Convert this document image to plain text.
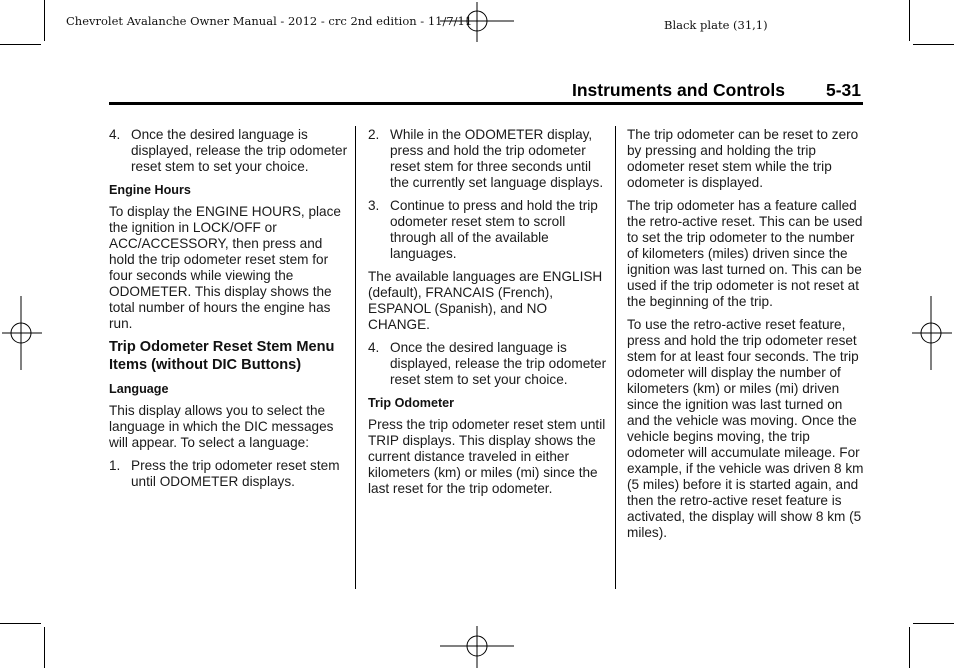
Chevrolet Avalanche Owner Manual - 2012 - crc 2nd edition - 11/7/11	Black plate (31,1)
Instruments and Controls 5-31
4. Once the desired language is displayed, release the trip odometer reset stem to set your choice.

Engine Hours

To display the ENGINE HOURS, place the ignition in LOCK/OFF or ACC/ACCESSORY, then press and hold the trip odometer reset stem for four seconds while viewing the ODOMETER. This display shows the total number of hours the engine has run.

Trip Odometer Reset Stem Menu Items (without DIC Buttons)

Language

This display allows you to select the language in which the DIC messages will appear. To select a language:

1. Press the trip odometer reset stem until ODOMETER displays.
2. While in the ODOMETER display, press and hold the trip odometer reset stem for three seconds until the currently set language displays.
3. Continue to press and hold the trip odometer reset stem to scroll through all of the available languages.

The available languages are ENGLISH (default), FRANCAIS (French), ESPANOL (Spanish), and NO CHANGE.

4. Once the desired language is displayed, release the trip odometer reset stem to set your choice.

Trip Odometer

Press the trip odometer reset stem until TRIP displays. This display shows the current distance traveled in either kilometers (km) or miles (mi) since the last reset for the trip odometer.

The trip odometer can be reset to zero by pressing and holding the trip odometer reset stem while the trip odometer is displayed.

The trip odometer has a feature called the retro-active reset. This can be used to set the trip odometer to the number of kilometers (miles) driven since the ignition was last turned on. This can be used if the trip odometer is not reset at the beginning of the trip.

To use the retro-active reset feature, press and hold the trip odometer reset stem for at least four seconds. The trip odometer will display the number of kilometers (km) or miles (mi) driven since the ignition was last turned on and the vehicle was moving. Once the vehicle begins moving, the trip odometer will accumulate mileage. For example, if the vehicle was driven 8 km (5 miles) before it is started again, and then the retro-active reset feature is activated, the display will show 8 km (5 miles).
